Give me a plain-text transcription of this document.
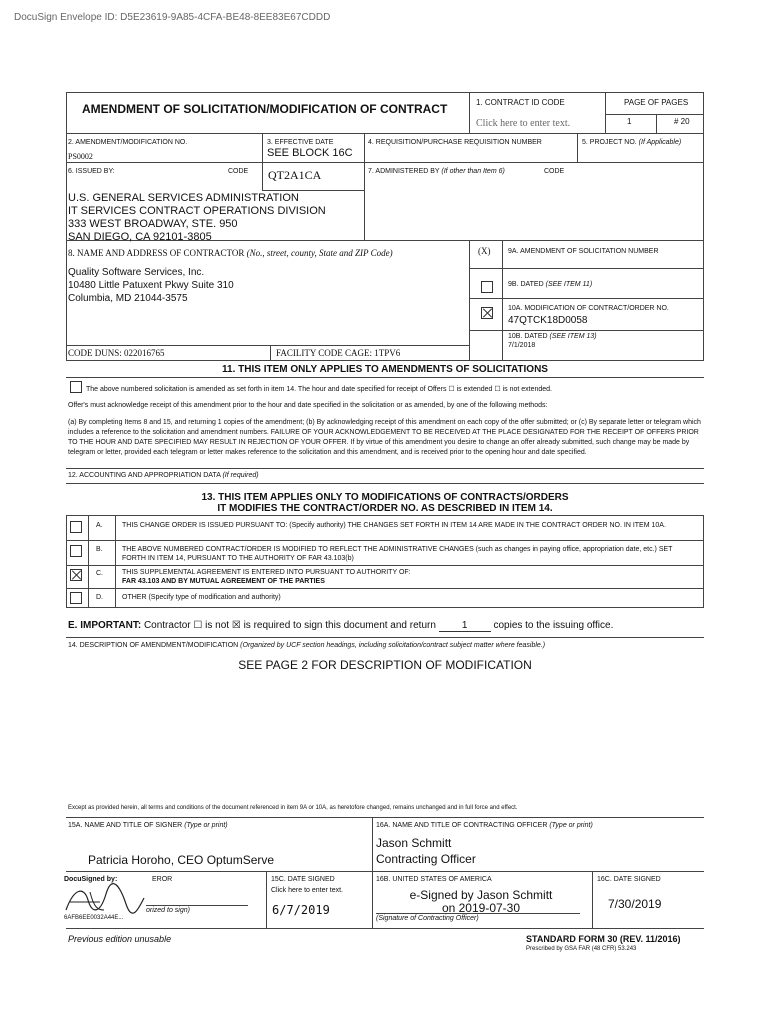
DocuSign Envelope ID: D5E23619-9A85-4CFA-BE48-8EE83E67CDDD
AMENDMENT OF SOLICITATION/MODIFICATION OF CONTRACT	1. CONTRACT ID CODE
Click here to enter text.
PAGE OF PAGES
1	# 20
2. AMENDMENT/MODIFICATION NO.
PS0002
3. EFFECTIVE DATE
SEE BLOCK 16C
4. REQUISITION/PURCHASE REQUISITION NUMBER	5. PROJECT NO. (If Applicable)
6. ISSUED BY:	CODE QT2A1CA	7. ADMINISTERED BY (If other than Item 6)	CODE
U.S. GENERAL SERVICES ADMINISTRATION
IT SERVICES CONTRACT OPERATIONS DIVISION
333 WEST BROADWAY, STE. 950
SAN DIEGO, CA 92101-3805
8. NAME AND ADDRESS OF CONTRACTOR (No., street, county, State and ZIP Code)
Quality Software Services, Inc.
10480 Little Patuxent Pkwy Suite 310
Columbia, MD 21044-3575
(X)
CODE DUNS: 022016765	FACILITY CODE CAGE: 1TPV6
9A. AMENDMENT OF SOLICITATION NUMBER
9B. DATED (SEE ITEM 11)
10A. MODIFICATION OF CONTRACT/ORDER NO.
47QTCK18D0058
10B. DATED (SEE ITEM 13)
7/1/2018
11. THIS ITEM ONLY APPLIES TO AMENDMENTS OF SOLICITATIONS
The above numbered solicitation is amended as set forth in item 14. The hour and date specified for receipt of Offers ☐ is extended ☐ is not extended.
Offer's must acknowledge receipt of this amendment prior to the hour and date specified in the solicitation or as amended, by one of the following methods:
(a) By completing Items 8 and 15, and returning 1 copies of the amendment; (b) By acknowledging receipt of this amendment on each copy of the offer submitted; or (c) By separate letter or telegram which includes a reference to the solicitation and amendment numbers. FAILURE OF YOUR ACKNOWLEDGEMENT TO BE RECEIVED AT THE PLACE DESIGNATED FOR THE RECEIPT OF OFFERS PRIOR TO THE HOUR AND DATE SPECIFIED MAY RESULT IN REJECTION OF YOUR OFFER. If by virtue of this amendment you desire to change an offer already submitted, such change may be made by telegram or letter, provided each telegram or letter makes reference to the solicitation and this amendment, and is received prior to the opening hour and date specified.
12. ACCOUNTING AND APPROPRIATION DATA (If required)
13. THIS ITEM APPLIES ONLY TO MODIFICATIONS OF CONTRACTS/ORDERS
IT MODIFIES THE CONTRACT/ORDER NO. AS DESCRIBED IN ITEM 14.
A.	THIS CHANGE ORDER IS ISSUED PURSUANT TO: (Specify authority) THE CHANGES SET FORTH IN ITEM 14 ARE MADE IN THE CONTRACT ORDER NO. IN ITEM 10A.
B.	THE ABOVE NUMBERED CONTRACT/ORDER IS MODIFIED TO REFLECT THE ADMINISTRATIVE CHANGES (such as changes in paying office, appropriation date, etc.) SET FORTH IN ITEM 14, PURSUANT TO THE AUTHORITY OF FAR 43.103(b)
C.	THIS SUPPLEMENTAL AGREEMENT IS ENTERED INTO PURSUANT TO AUTHORITY OF:
FAR 43.103 AND BY MUTUAL AGREEMENT OF THE PARTIES
D.	OTHER (Specify type of modification and authority)
E. IMPORTANT: Contractor ☐ is not ☒ is required to sign this document and return	1	copies to the issuing office.
14. DESCRIPTION OF AMENDMENT/MODIFICATION (Organized by UCF section headings, including solicitation/contract subject matter where feasible.)
SEE PAGE 2 FOR DESCRIPTION OF MODIFICATION
Except as provided herein, all terms and conditions of the document referenced in item 9A or 10A, as heretofore changed, remains unchanged and in full force and effect.
15A. NAME AND TITLE OF SIGNER (Type or print)
Patricia Horoho, CEO OptumServe
16A. NAME AND TITLE OF CONTRACTING OFFICER (Type or print)
Jason Schmitt
Contracting Officer
EROR
DocuSigned by:
orized to sign)
6AFB6EE0032A44E...
15C. DATE SIGNED
Click here to enter text.
6/7/2019
16B. UNITED STATES OF AMERICA
e-Signed by Jason Schmitt
on 2019-07-30
(Signature of Contracting Officer)
16C. DATE SIGNED
7/30/2019
Previous edition unusable	STANDARD FORM 30 (REV. 11/2016)
Prescribed by GSA FAR (48 CFR) 53.243
